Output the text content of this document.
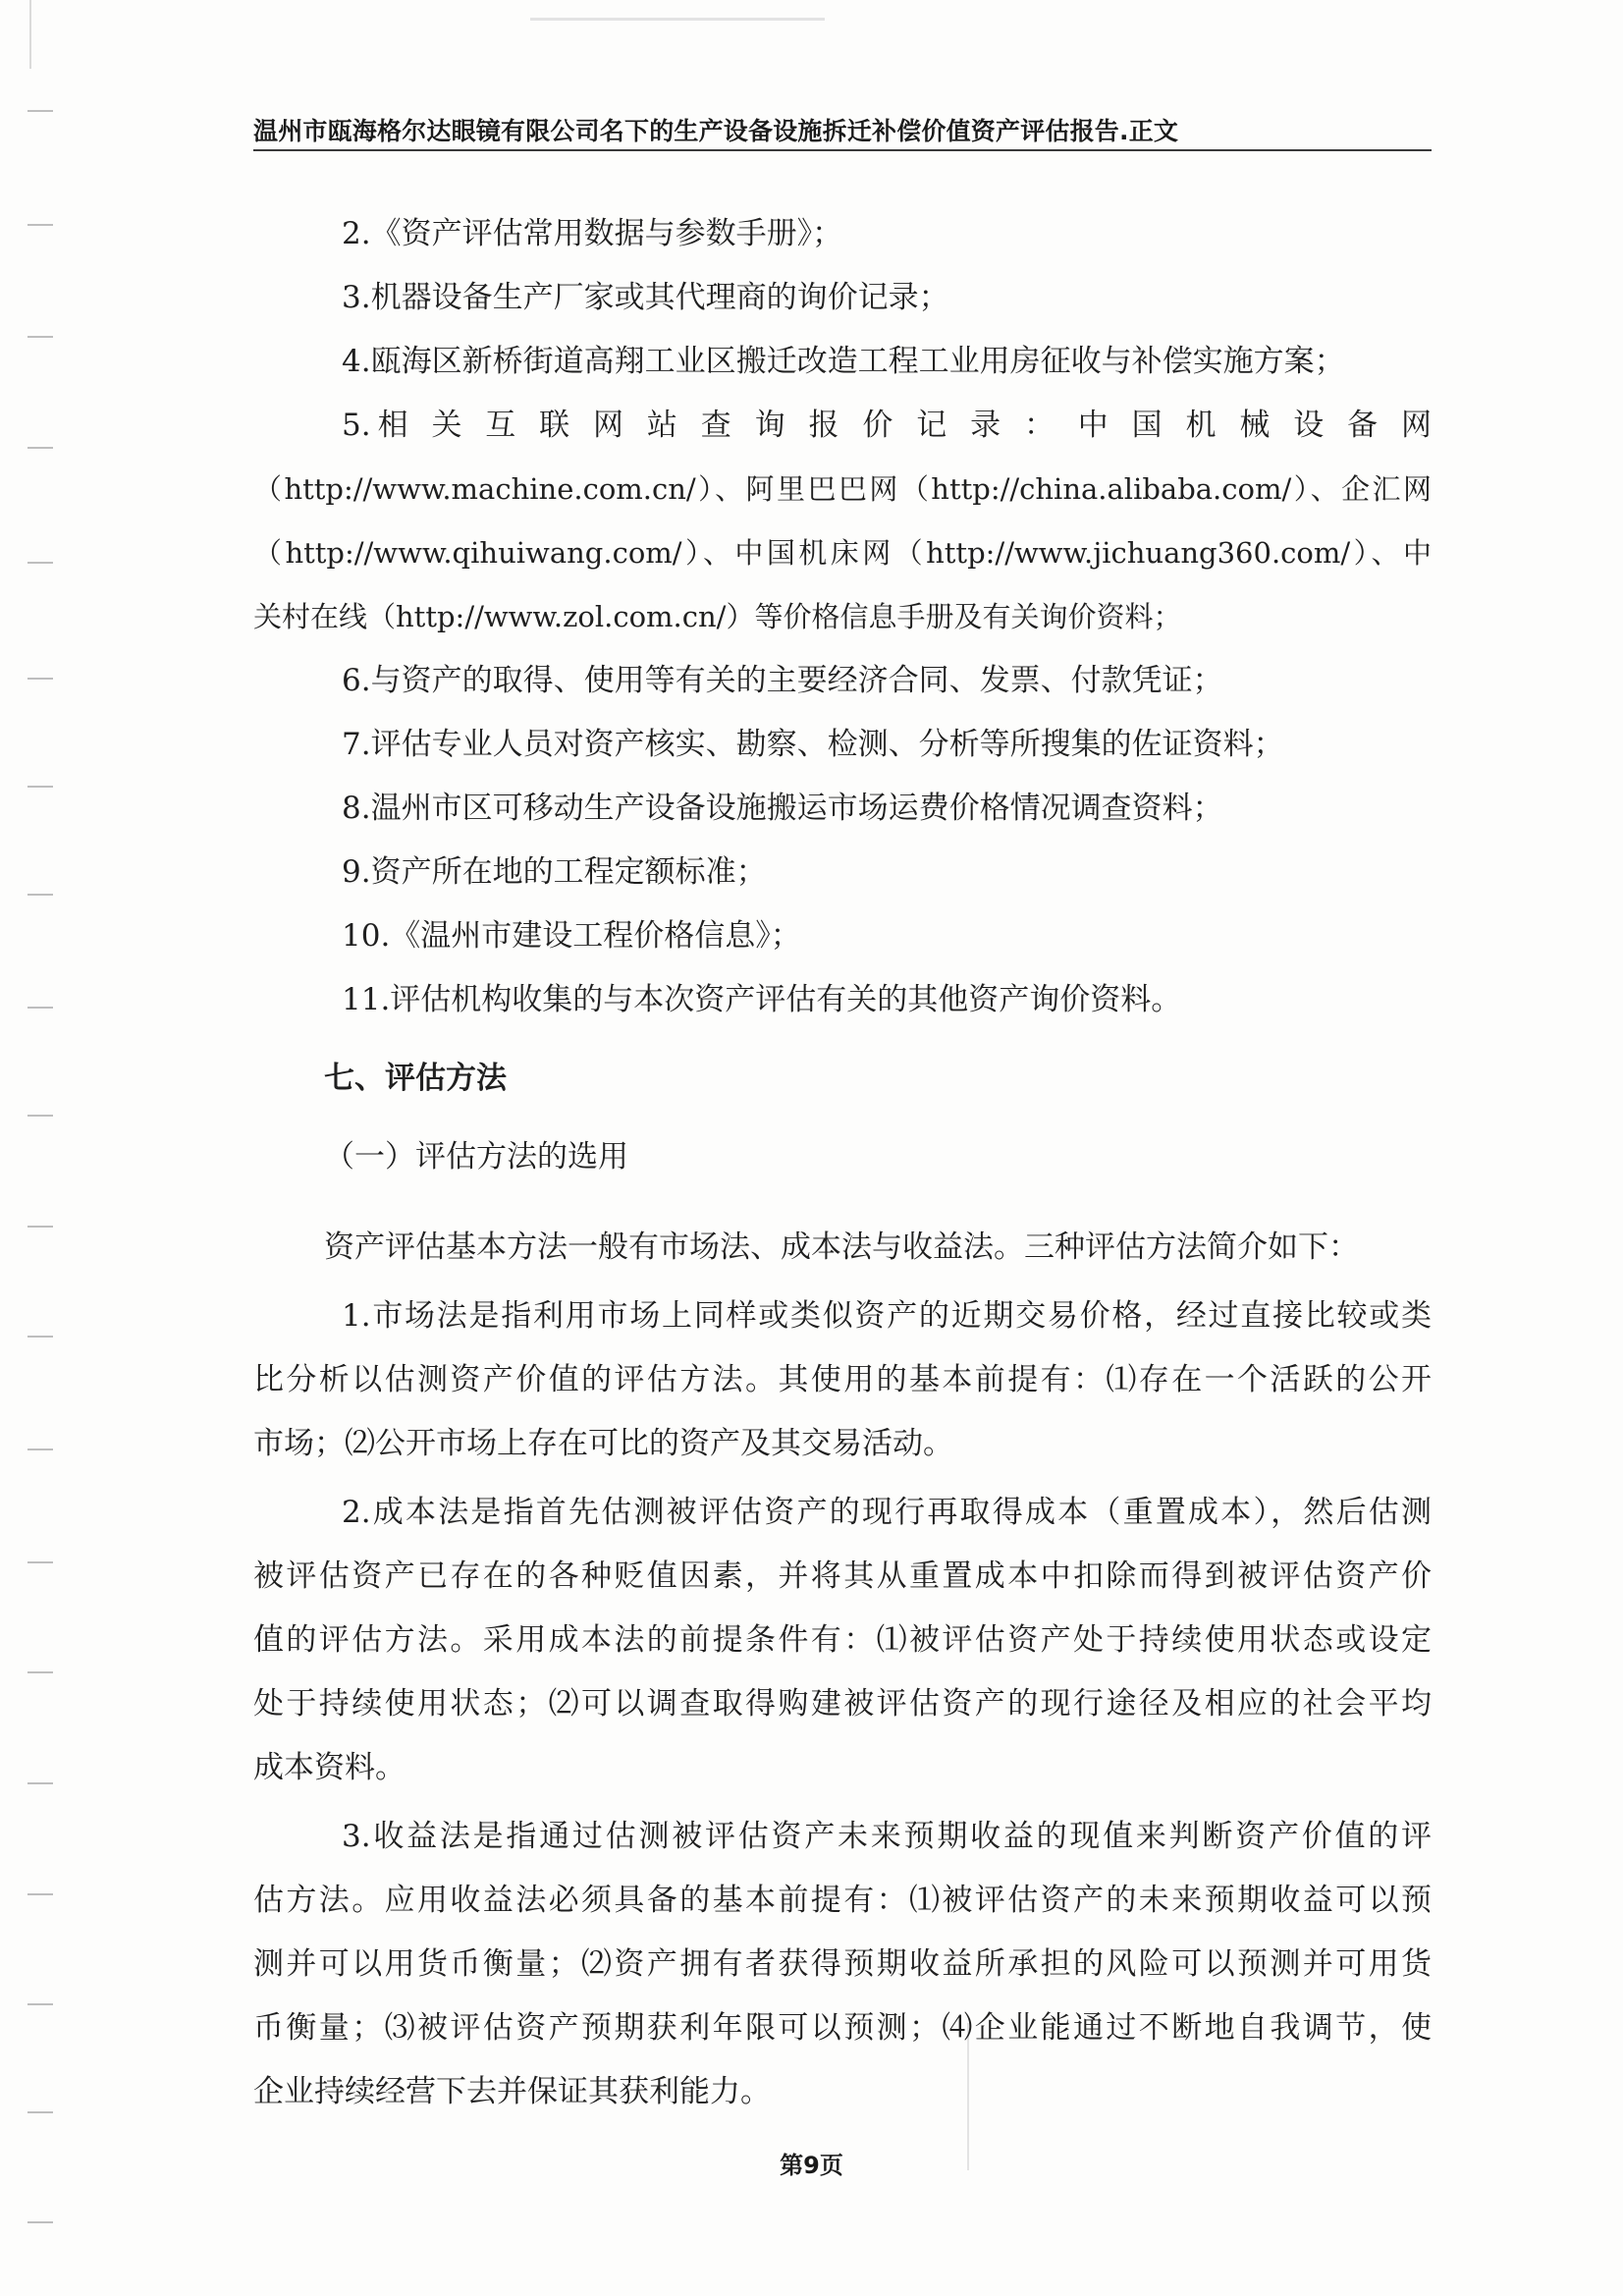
温州市瓯海格尔达眼镜有限公司名下的生产设备设施拆迁补偿价值资产评估报告.正文
2.《资产评估常用数据与参数手册》；
3.机器设备生产厂家或其代理商的询价记录；
4.瓯海区新桥街道高翔工业区搬迁改造工程工业用房征收与补偿实施方案；
5.相 关 互 联 网 站 查 询 报 价 记 录 ： 中 国 机 械 设 备 网
（http://www.machine.com.cn/）、阿里巴巴网（http://china.alibaba.com/）、企汇网
（http://www.qihuiwang.com/）、中国机床网（http://www.jichuang360.com/）、中
关村在线（http://www.zol.com.cn/）等价格信息手册及有关询价资料；
6.与资产的取得、使用等有关的主要经济合同、发票、付款凭证；
7.评估专业人员对资产核实、勘察、检测、分析等所搜集的佐证资料；
8.温州市区可移动生产设备设施搬运市场运费价格情况调查资料；
9.资产所在地的工程定额标准；
10.《温州市建设工程价格信息》；
11.评估机构收集的与本次资产评估有关的其他资产询价资料。
七、评估方法
（一）评估方法的选用
资产评估基本方法一般有市场法、成本法与收益法。三种评估方法简介如下：
1.市场法是指利用市场上同样或类似资产的近期交易价格，经过直接比较或类
比分析以估测资产价值的评估方法。其使用的基本前提有：⑴存在一个活跃的公开
市场；⑵公开市场上存在可比的资产及其交易活动。
2.成本法是指首先估测被评估资产的现行再取得成本（重置成本），然后估测
被评估资产已存在的各种贬值因素，并将其从重置成本中扣除而得到被评估资产价
值的评估方法。采用成本法的前提条件有：⑴被评估资产处于持续使用状态或设定
处于持续使用状态；⑵可以调查取得购建被评估资产的现行途径及相应的社会平均
成本资料。
3.收益法是指通过估测被评估资产未来预期收益的现值来判断资产价值的评
估方法。应用收益法必须具备的基本前提有：⑴被评估资产的未来预期收益可以预
测并可以用货币衡量；⑵资产拥有者获得预期收益所承担的风险可以预测并可用货
币衡量；⑶被评估资产预期获利年限可以预测；⑷企业能通过不断地自我调节，使
企业持续经营下去并保证其获利能力。
第9页
